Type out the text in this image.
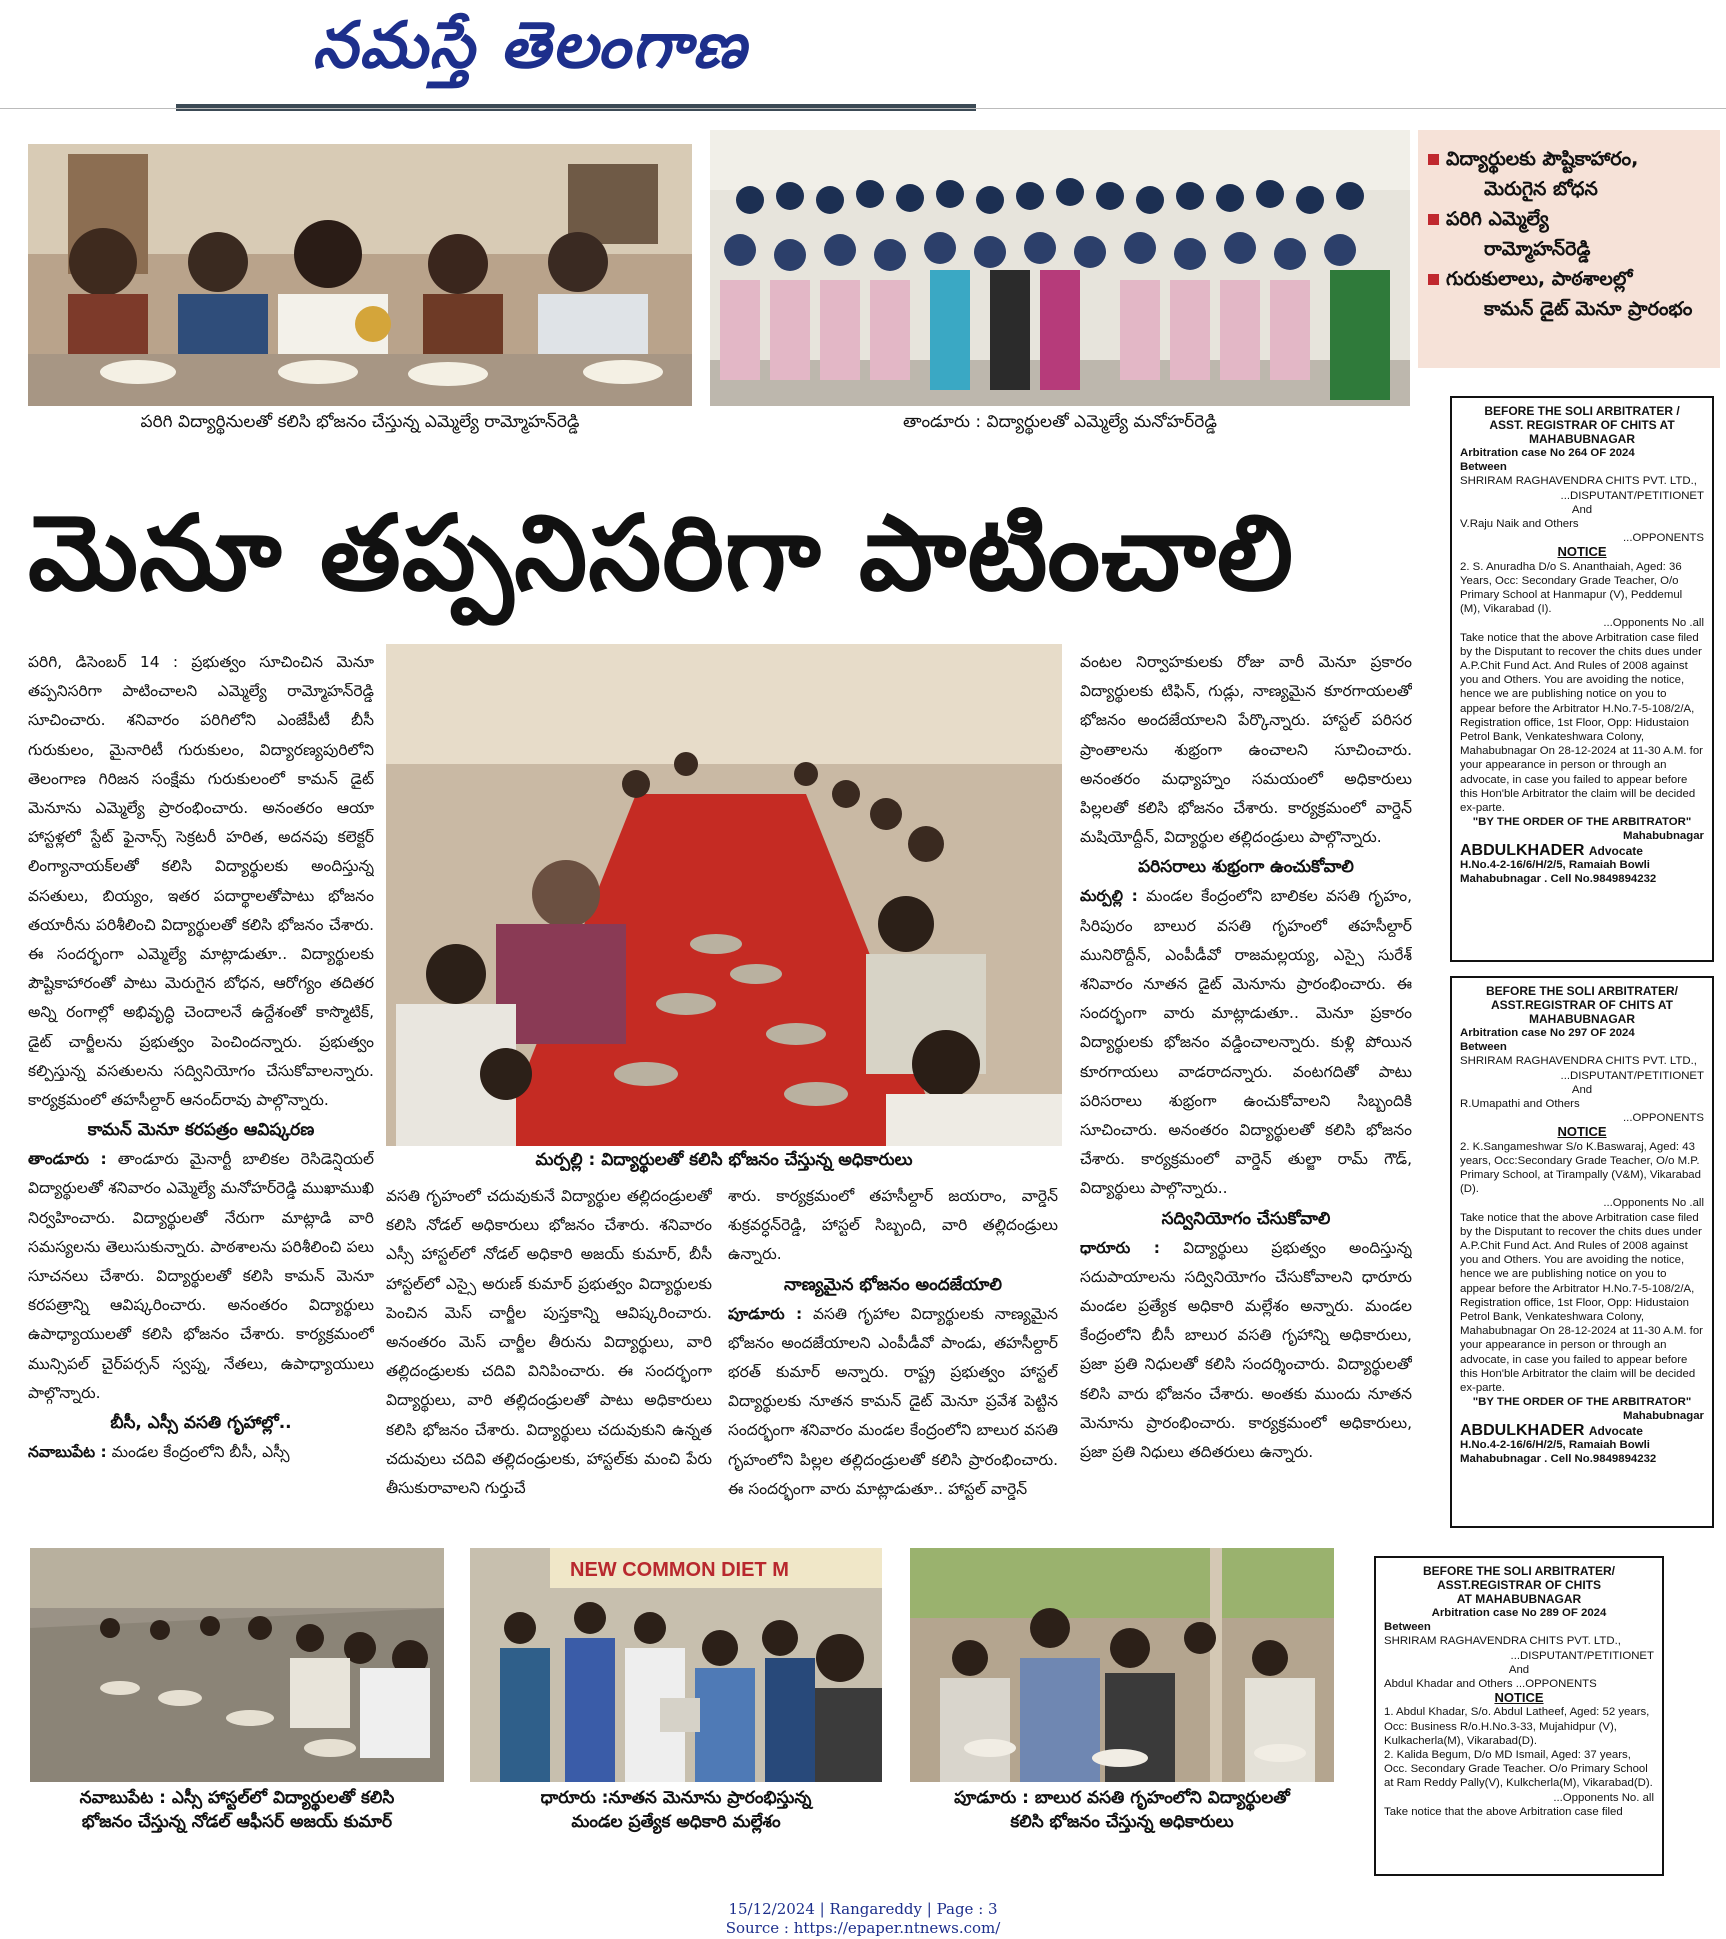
నమస్తే తెలంగాణ
పరిగి విద్యార్థినులతో కలిసి భోజనం చేస్తున్న ఎమ్మెల్యే రామ్మోహన్‌రెడ్డి	తాండూరు : విద్యార్థులతో ఎమ్మెల్యే మనోహర్‌రెడ్డి
విద్యార్థులకు పౌష్టికాహారం,
మెరుగైన బోధన
పరిగి ఎమ్మెల్యే
రామ్మోహన్‌రెడ్డి
గురుకులాలు, పాఠశాలల్లో
కామన్ డైట్ మెనూ ప్రారంభం
మెనూ తప్పనిసరిగా పాటించాలి

పరిగి, డిసెంబర్ 14 : ప్రభుత్వం సూచించిన మెనూ తప్పనిసరిగా పాటించాలని ఎమ్మెల్యే రామ్మోహన్‌రెడ్డి సూచించారు. శనివారం పరిగిలోని ఎంజేపీటీ బీసీ గురుకులం, మైనారిటీ గురుకులం, విద్యారణ్యపురిలోని తెలంగాణ గిరిజన సంక్షేమ గురుకులంలో కామన్ డైట్ మెనూను ఎమ్మెల్యే ప్రారంభించారు. అనంతరం ఆయా హాస్టళ్లలో స్టేట్ ఫైనాన్స్ సెక్రటరీ హరిత, అదనపు కలెక్టర్ లింగ్యానాయక్‌లతో కలిసి విద్యార్థులకు అందిస్తున్న వసతులు, బియ్యం, ఇతర పదార్థాలతోపాటు భోజనం తయారీను పరిశీలించి విద్యార్థులతో కలిసి భోజనం చేశారు. ఈ సందర్భంగా ఎమ్మెల్యే మాట్లాడుతూ.. విద్యార్థులకు పౌష్టికాహారంతో పాటు మెరుగైన బోధన, ఆరోగ్యం తదితర అన్ని రంగాల్లో అభివృద్ధి చెందాలనే ఉద్దేశంతో కాస్మొటిక్, డైట్ చార్జీలను ప్రభుత్వం పెంచిందన్నారు. ప్రభుత్వం కల్పిస్తున్న వసతులను సద్వినియోగం చేసుకోవాలన్నారు. కార్యక్రమంలో తహసీల్దార్ ఆనంద్‌రావు పాల్గొన్నారు.

కామన్ మెనూ కరపత్రం ఆవిష్కరణ

తాండూరు : తాండూరు మైనార్టీ బాలికల రెసిడెన్షియల్ విద్యార్థులతో శనివారం ఎమ్మెల్యే మనోహర్‌రెడ్డి ముఖాముఖి నిర్వహించారు. విద్యార్థులతో నేరుగా మాట్లాడి వారి సమస్యలను తెలుసుకున్నారు. పాఠశాలను పరిశీలించి పలు సూచనలు చేశారు. విద్యార్థులతో కలిసి కామన్ మెనూ కరపత్రాన్ని ఆవిష్కరించారు. అనంతరం విద్యార్థులు ఉపాధ్యాయులతో కలిసి భోజనం చేశారు. కార్యక్రమంలో మున్సిపల్ చైర్‌పర్సన్ స్వప్న, నేతలు, ఉపాధ్యాయులు పాల్గొన్నారు.

బీసీ, ఎస్సీ వసతి గృహాల్లో..

నవాబుపేట : మండల కేంద్రంలోని బీసీ, ఎస్సీ

మర్పల్లి : విద్యార్థులతో కలిసి భోజనం చేస్తున్న అధికారులు

వసతి గృహంలో చదువుకునే విద్యార్థుల తల్లిదండ్రులతో కలిసి నోడల్ అధికారులు భోజనం చేశారు. శనివారం ఎస్సీ హాస్టల్‌లో నోడల్ అధికారి అజయ్ కుమార్, బీసీ హాస్టల్‌లో ఎస్సై అరుణ్ కుమార్ ప్రభుత్వం విద్యార్థులకు పెంచిన మెస్ చార్జీల పుస్తకాన్ని ఆవిష్కరించారు. అనంతరం మెస్ చార్జీల తీరును విద్యార్థులు, వారి తల్లిదండ్రులకు చదివి వినిపించారు. ఈ సందర్భంగా విద్యార్థులు, వారి తల్లిదండ్రులతో పాటు అధికారులు కలిసి భోజనం చేశారు. విద్యార్థులు చదువుకుని ఉన్నత చదువులు చదివి తల్లిదండ్రులకు, హాస్టల్‌కు మంచి పేరు తీసుకురావాలని గుర్తుచే

శారు. కార్యక్రమంలో తహసీల్దార్ జయరాం, వార్డెన్ శుక్రవర్ధన్‌రెడ్డి, హాస్టల్ సిబ్బంది, వారి తల్లిదండ్రులు ఉన్నారు.

నాణ్యమైన భోజనం అందజేయాలి

పూడూరు : వసతి గృహాల విద్యార్థులకు నాణ్యమైన భోజనం అందజేయాలని ఎంపీడీవో పాండు, తహసీల్దార్ భరత్ కుమార్ అన్నారు. రాష్ట్ర ప్రభుత్వం హాస్టల్ విద్యార్థులకు నూతన కామన్ డైట్ మెనూ ప్రవేశ పెట్టిన సందర్భంగా శనివారం మండల కేంద్రంలోని బాలుర వసతి గృహంలోని పిల్లల తల్లిదండ్రులతో కలిసి ప్రారంభించారు. ఈ సందర్భంగా వారు మాట్లాడుతూ.. హాస్టల్ వార్డెన్

వంటల నిర్వాహకులకు రోజు వారీ మెనూ ప్రకారం విద్యార్థులకు టిఫిన్, గుడ్లు, నాణ్యమైన కూరగాయలతో భోజనం అందజేయాలని పేర్కొన్నారు. హాస్టల్ పరిసర ప్రాంతాలను శుభ్రంగా ఉంచాలని సూచించారు. అనంతరం మధ్యాహ్నం సమయంలో అధికారులు పిల్లలతో కలిసి భోజనం చేశారు. కార్యక్రమంలో వార్డెన్ మషియోద్దీన్, విద్యార్థుల తల్లిదండ్రులు పాల్గొన్నారు.

పరిసరాలు శుభ్రంగా ఉంచుకోవాలి

మర్పల్లి : మండల కేంద్రంలోని బాలికల వసతి గృహం, సిరిపురం బాలుర వసతి గృహంలో తహసీల్దార్ మునిరొద్దీన్, ఎంపీడీవో రాజమల్లయ్య, ఎస్సై సురేశ్ శనివారం నూతన డైట్ మెనూను ప్రారంభించారు. ఈ సందర్భంగా వారు మాట్లాడుతూ.. మెనూ ప్రకారం విద్యార్థులకు భోజనం వడ్డించాలన్నారు. కుళ్లి పోయిన కూరగాయలు వాడరాదన్నారు. వంటగదితో పాటు పరిసరాలు శుభ్రంగా ఉంచుకోవాలని సిబ్బందికి సూచించారు. అనంతరం విద్యార్థులతో కలిసి భోజనం చేశారు. కార్యక్రమంలో వార్డెన్ తుల్జా రామ్ గౌడ్, విద్యార్థులు పాల్గొన్నారు..

సద్వినియోగం చేసుకోవాలి

ధారూరు : విద్యార్థులు ప్రభుత్వం అందిస్తున్న సదుపాయాలను సద్వినియోగం చేసుకోవాలని ధారూరు మండల ప్రత్యేక అధికారి మల్లేశం అన్నారు. మండల కేంద్రంలోని బీసీ బాలుర వసతి గృహాన్ని అధికారులు, ప్రజా ప్రతి నిధులతో కలిసి సందర్శించారు. విద్యార్థులతో కలిసి వారు భోజనం చేశారు. అంతకు ముందు నూతన మెనూను ప్రారంభించారు. కార్యక్రమంలో అధికారులు, ప్రజా ప్రతి నిధులు తదితరులు ఉన్నారు.

BEFORE THE SOLI ARBITRATER /
ASST. REGISTRAR OF CHITS AT
MAHABUBNAGAR
Arbitration case No 264 OF 2024
Between
SHRIRAM RAGHAVENDRA CHITS PVT. LTD.,
...DISPUTANT/PETITIONET
And
V.Raju Naik and Others
...OPPONENTS
NOTICE
2. S. Anuradha D/o S. Ananthaiah, Aged: 36 Years, Occ: Secondary Grade Teacher, O/o Primary School at Hanmapur (V), Peddemul (M), Vikarabad (I).
...Opponents No .all
Take notice that the above Arbitration case filed by the Disputant to recover the chits dues under A.P.Chit Fund Act. And Rules of 2008 against you and Others. You are avoiding the notice, hence we are publishing notice on you to appear before the Arbitrator H.No.7-5-108/2/A, Registration office, 1st Floor, Opp: Hidustaion Petrol Bank, Venkateshwara Colony, Mahabubnagar On 28-12-2024 at 11-30 A.M. for your appearance in person or through an advocate, in case you failed to appear before this Hon'ble Arbitrator the claim will be decided ex-parte.
"BY THE ORDER OF THE ARBITRATOR"
Mahabubnagar
ABDULKHADER Advocate
H.No.4-2-16/6/H/2/5, Ramaiah Bowli
Mahabubnagar . Cell No.9849894232
BEFORE THE SOLI ARBITRATER/
ASST.REGISTRAR OF CHITS AT
MAHABUBNAGAR
Arbitration case No 297 OF 2024
Between
SHRIRAM RAGHAVENDRA CHITS PVT. LTD.,
...DISPUTANT/PETITIONET
And
R.Umapathi and Others
...OPPONENTS
NOTICE
2. K.Sangameshwar S/o K.Baswaraj, Aged: 43 years, Occ:Secondary Grade Teacher, O/o M.P. Primary School, at Tirampally (V&M), Vikarabad (D).
...Opponents No .all
Take notice that the above Arbitration case filed by the Disputant to recover the chits dues under A.P.Chit Fund Act. And Rules of 2008 against you and Others. You are avoiding the notice, hence we are publishing notice on you to appear before the Arbitrator H.No.7-5-108/2/A, Registration office, 1st Floor, Opp: Hidustaion Petrol Bank, Venkateshwara Colony, Mahabubnagar On 28-12-2024 at 11-30 A.M. for your appearance in person or through an advocate, in case you failed to appear before this Hon'ble Arbitrator the claim will be decided ex-parte.
"BY THE ORDER OF THE ARBITRATOR"
Mahabubnagar
ABDULKHADER Advocate
H.No.4-2-16/6/H/2/5, Ramaiah Bowli
Mahabubnagar . Cell No.9849894232
BEFORE THE SOLI ARBITRATER/
ASST.REGISTRAR OF CHITS
AT MAHABUBNAGAR
Arbitration case No 289 OF 2024
Between
SHRIRAM RAGHAVENDRA CHITS PVT. LTD.,
...DISPUTANT/PETITIONET
And
Abdul Khadar and Others ...OPPONENTS
NOTICE
1. Abdul Khadar, S/o. Abdul Latheef, Aged: 52 years, Occ: Business R/o.H.No.3-33, Mujahidpur (V), Kulkacherla(M), Vikarabad(D).
2. Kalida Begum, D/o MD Ismail, Aged: 37 years, Occ. Secondary Grade Teacher. O/o Primary School at Ram Reddy Pally(V), Kulkcherla(M), Vikarabad(D).
...Opponents No. all
Take notice that the above Arbitration case filed
నవాబుపేట : ఎస్సీ హాస్టల్‌లో విద్యార్థులతో కలిసి
భోజనం చేస్తున్న నోడల్ ఆఫీసర్ అజయ్ కుమార్
NEW COMMON DIET M
ధారూరు :నూతన మెనూను ప్రారంభిస్తున్న
మండల ప్రత్యేక అధికారి మల్లేశం
పూడూరు : బాలుర వసతి గృహంలోని విద్యార్థులతో
కలిసి భోజనం చేస్తున్న అధికారులు
15/12/2024 | Rangareddy | Page : 3
Source : https://epaper.ntnews.com/
